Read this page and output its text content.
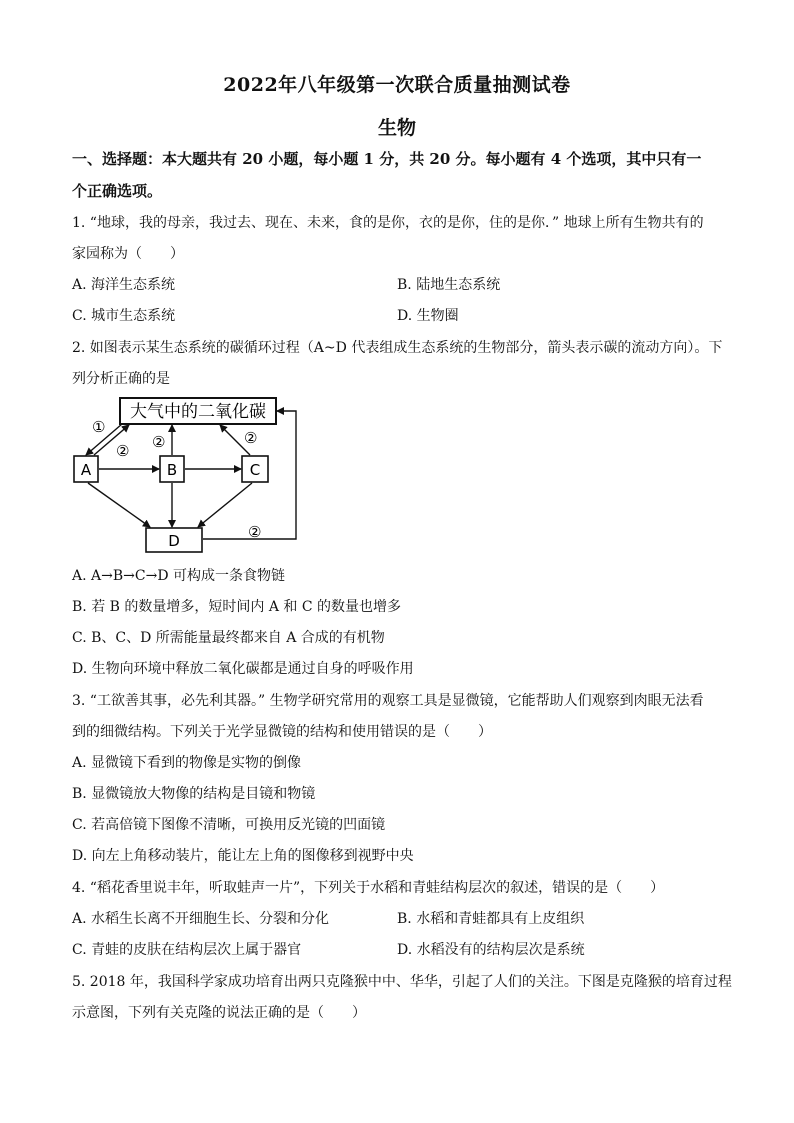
2022年八年级第一次联合质量抽测试卷
生物
一、选择题：本大题共有 20 小题，每小题 1 分，共 20 分。每小题有 4 个选项，其中只有一
个正确选项。
1. “地球，我的母亲，我过去、现在、未来，食的是你，衣的是你，住的是你．” 地球上所有生物共有的
家园称为（　　）
A. 海洋生态系统	B. 陆地生态系统
C. 城市生态系统	D. 生物圈
2. 如图表示某生态系统的碳循环过程（A~D 代表组成生态系统的生物部分，箭头表示碳的流动方向）。下
列分析正确的是
大气中的二氧化碳
A	B	C
D
①
② ②	②
②
A. A→B→C→D 可构成一条食物链
B. 若 B 的数量增多，短时间内 A 和 C 的数量也增多
C. B、C、D 所需能量最终都来自 A 合成的有机物
D. 生物向环境中释放二氧化碳都是通过自身的呼吸作用
3. “工欲善其事，必先利其器。” 生物学研究常用的观察工具是显微镜，它能帮助人们观察到肉眼无法看
到的细微结构。下列关于光学显微镜的结构和使用错误的是（　　）
A. 显微镜下看到的物像是实物的倒像
B. 显微镜放大物像的结构是目镜和物镜
C. 若高倍镜下图像不清晰，可换用反光镜的凹面镜
D. 向左上角移动装片，能让左上角的图像移到视野中央
4. “稻花香里说丰年，听取蛙声一片”，下列关于水稻和青蛙结构层次的叙述，错误的是（　　）
A. 水稻生长离不开细胞生长、分裂和分化	B. 水稻和青蛙都具有上皮组织
C. 青蛙的皮肤在结构层次上属于器官	D. 水稻没有的结构层次是系统
5. 2018 年，我国科学家成功培育出两只克隆猴中中、华华，引起了人们的关注。下图是克隆猴的培育过程
示意图，下列有关克隆的说法正确的是（　　）
